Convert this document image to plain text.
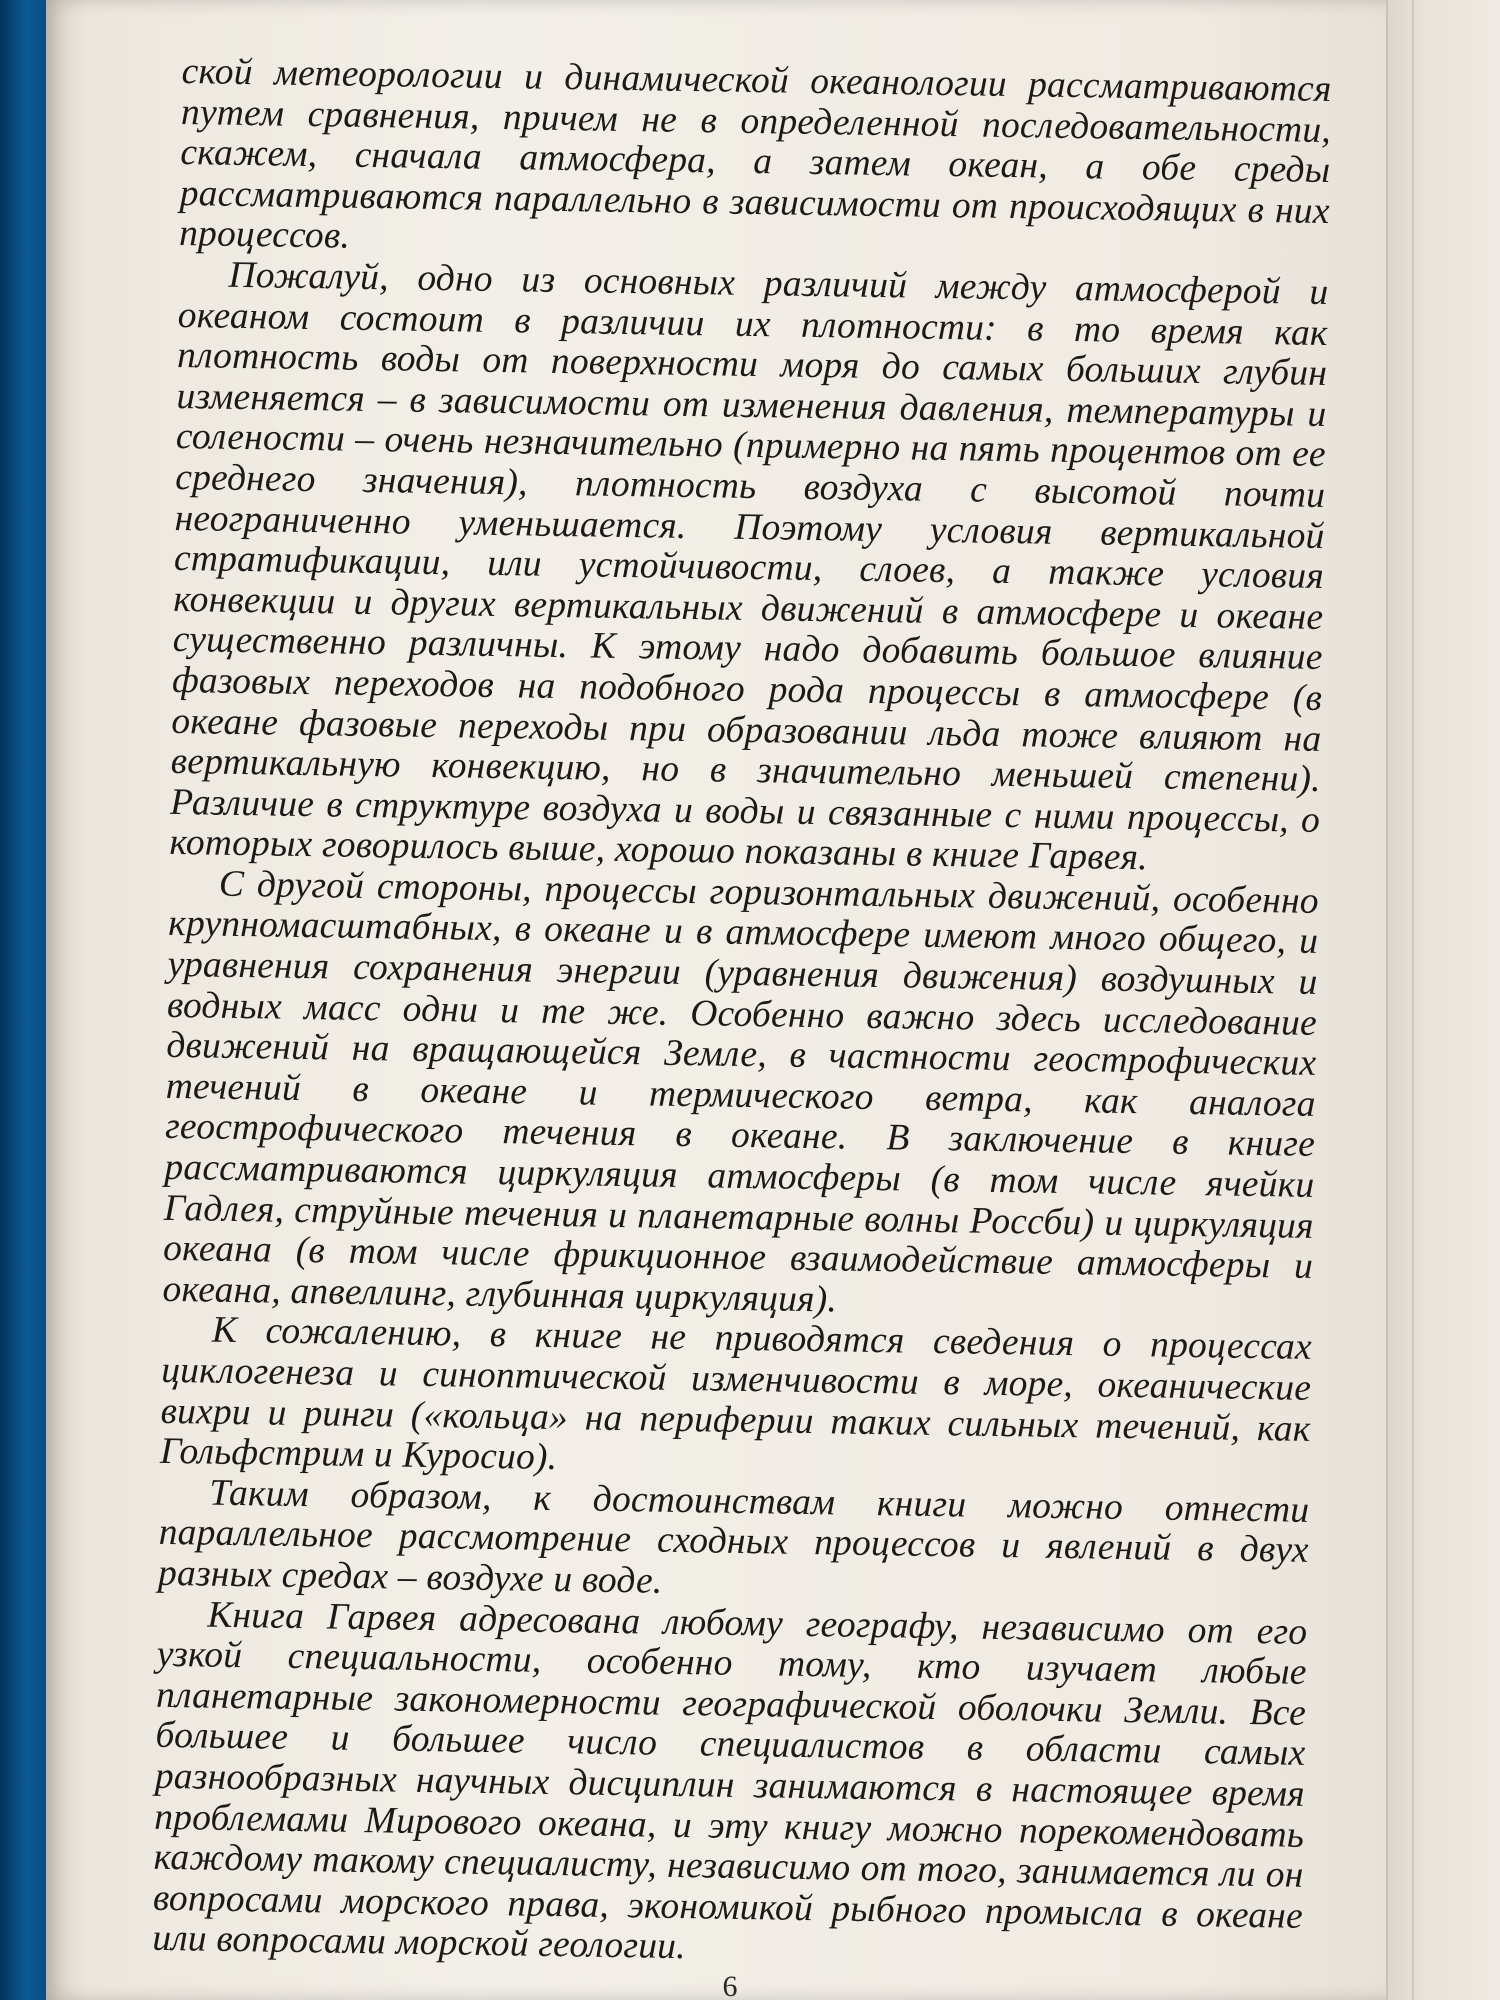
ской метеорологии и динамической океанологии рассматриваются путем сравнения, причем не в определенной последовательности, скажем, сначала атмосфера, а затем океан, а обе среды рассматриваются параллельно в зависимости от происходящих в них процессов.

Пожалуй, одно из основных различий между атмосферой и океаном состоит в различии их плотности: в то время как плотность воды от поверхности моря до самых больших глубин изменяется – в зависимости от изменения давления, температуры и солености – очень незначительно (примерно на пять процентов от ее среднего значения), плотность воздуха с высотой почти неограниченно уменьшается. Поэтому условия вертикальной стратификации, или устойчивости, слоев, а также условия конвекции и других вертикальных движений в атмосфере и океане существенно различны. К этому надо добавить большое влияние фазовых переходов на подобного рода процессы в атмосфере (в океане фазовые переходы при образовании льда тоже влияют на вертикальную конвекцию, но в значительно меньшей степени). Различие в структуре воздуха и воды и связанные с ними процессы, о которых говорилось выше, хорошо показаны в книге Гарвея.

С другой стороны, процессы горизонтальных движений, особенно крупномасштабных, в океане и в атмосфере имеют много общего, и уравнения сохранения энергии (уравнения движения) воздушных и водных масс одни и те же. Особенно важно здесь исследование движений на вращающейся Земле, в частности геострофических течений в океане и термического ветра, как аналога геострофического течения в океане. В заключение в книге рассматриваются циркуляция атмосферы (в том числе ячейки Гадлея, струйные течения и планетарные волны Россби) и циркуляция океана (в том числе фрикционное взаимодействие атмосферы и океана, апвеллинг, глубинная циркуляция).

К сожалению, в книге не приводятся сведения о процессах циклогенеза и синоптической изменчивости в море, океанические вихри и ринги («кольца» на периферии таких сильных течений, как Гольфстрим и Куросио).

Таким образом, к достоинствам книги можно отнести параллельное рассмотрение сходных процессов и явлений в двух разных средах – воздухе и воде.

Книга Гарвея адресована любому географу, независимо от его узкой специальности, особенно тому, кто изучает любые планетарные закономерности географической оболочки Земли. Все большее и большее число специалистов в области самых разнообразных научных дисциплин занимаются в настоящее время проблемами Мирового океана, и эту книгу можно порекомендовать каждому такому специалисту, независимо от того, занимается ли он вопросами морского права, экономикой рыбного промысла в океане или вопросами морской геологии.

6
